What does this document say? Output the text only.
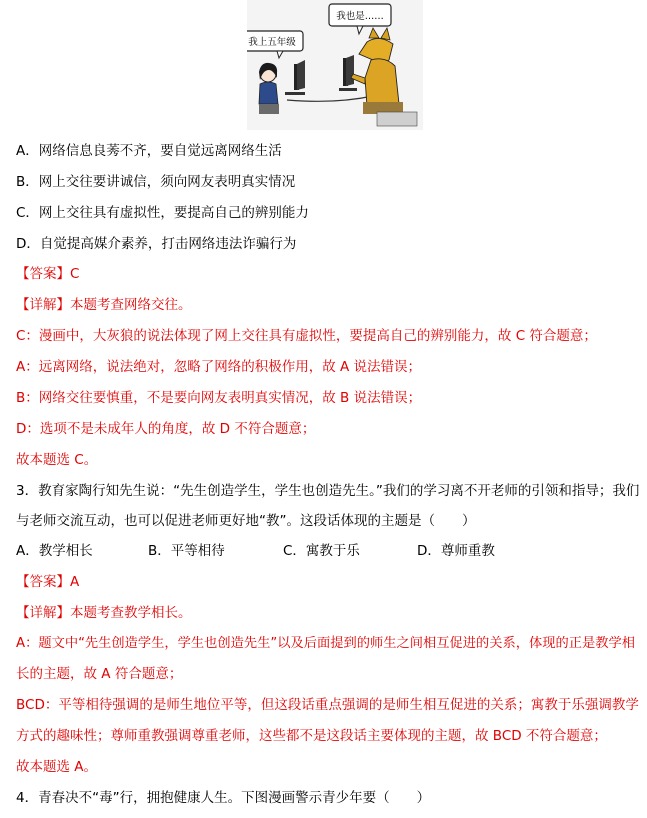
我也是……
我上五年级
A．网络信息良莠不齐，要自觉远离网络生活
B．网上交往要讲诚信，须向网友表明真实情况
C．网上交往具有虚拟性，要提高自己的辨别能力
D．自觉提高媒介素养，打击网络违法诈骗行为
【答案】C
【详解】本题考查网络交往。
C：漫画中，大灰狼的说法体现了网上交往具有虚拟性，要提高自己的辨别能力，故 C 符合题意；
A：远离网络，说法绝对，忽略了网络的积极作用，故 A 说法错误；
B：网络交往要慎重，不是要向网友表明真实情况，故 B 说法错误；
D：选项不是未成年人的角度，故 D 不符合题意；
故本题选 C。
3．教育家陶行知先生说：“先生创造学生，学生也创造先生。”我们的学习离不开老师的引领和指导；我们
与老师交流互动，也可以促进老师更好地“教”。这段话体现的主题是（　　）
A．教学相长	B．平等相待	C．寓教于乐	D．尊师重教
【答案】A
【详解】本题考查教学相长。
A：题文中“先生创造学生，学生也创造先生”以及后面提到的师生之间相互促进的关系，体现的正是教学相
长的主题，故 A 符合题意；
BCD：平等相待强调的是师生地位平等，但这段话重点强调的是师生相互促进的关系；寓教于乐强调教学
方式的趣味性；尊师重教强调尊重老师，这些都不是这段话主要体现的主题，故 BCD 不符合题意；
故本题选 A。
4．青春决不“毒”行，拥抱健康人生。下图漫画警示青少年要（　　）
